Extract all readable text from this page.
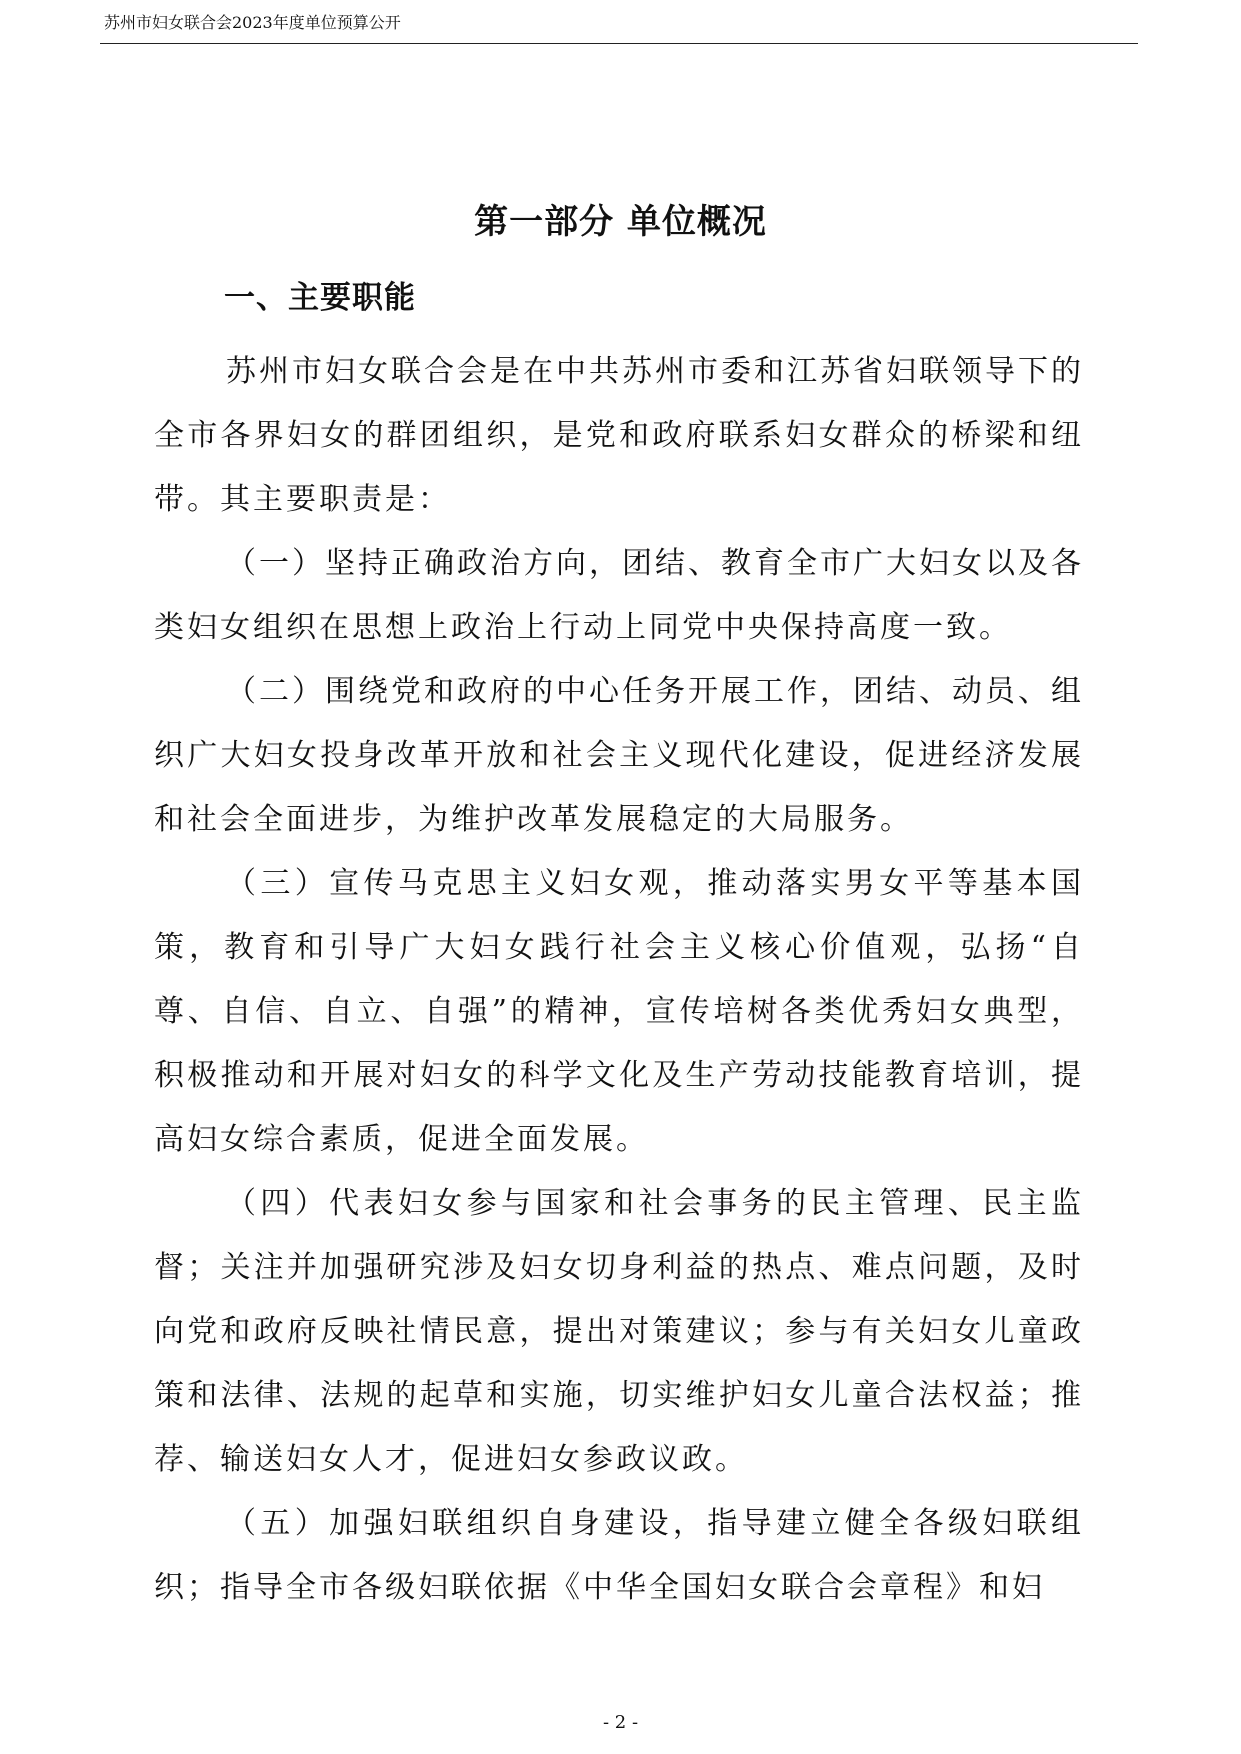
苏州市妇女联合会2023年度单位预算公开
第一部分 单位概况
一、主要职能

苏州市妇女联合会是在中共苏州市委和江苏省妇联领导下的全市各界妇女的群团组织，是党和政府联系妇女群众的桥梁和纽带。其主要职责是：

（一）坚持正确政治方向，团结、教育全市广大妇女以及各类妇女组织在思想上政治上行动上同党中央保持高度一致。

（二）围绕党和政府的中心任务开展工作，团结、动员、组织广大妇女投身改革开放和社会主义现代化建设，促进经济发展和社会全面进步，为维护改革发展稳定的大局服务。

（三）宣传马克思主义妇女观，推动落实男女平等基本国策，教育和引导广大妇女践行社会主义核心价值观，弘扬“自尊、自信、自立、自强”的精神，宣传培树各类优秀妇女典型，积极推动和开展对妇女的科学文化及生产劳动技能教育培训，提高妇女综合素质，促进全面发展。

（四）代表妇女参与国家和社会事务的民主管理、民主监督；关注并加强研究涉及妇女切身利益的热点、难点问题，及时向党和政府反映社情民意，提出对策建议；参与有关妇女儿童政策和法律、法规的起草和实施，切实维护妇女儿童合法权益；推荐、输送妇女人才，促进妇女参政议政。

（五）加强妇联组织自身建设，指导建立健全各级妇联组织；指导全市各级妇联依据《中华全国妇女联合会章程》和妇

- 2 -
